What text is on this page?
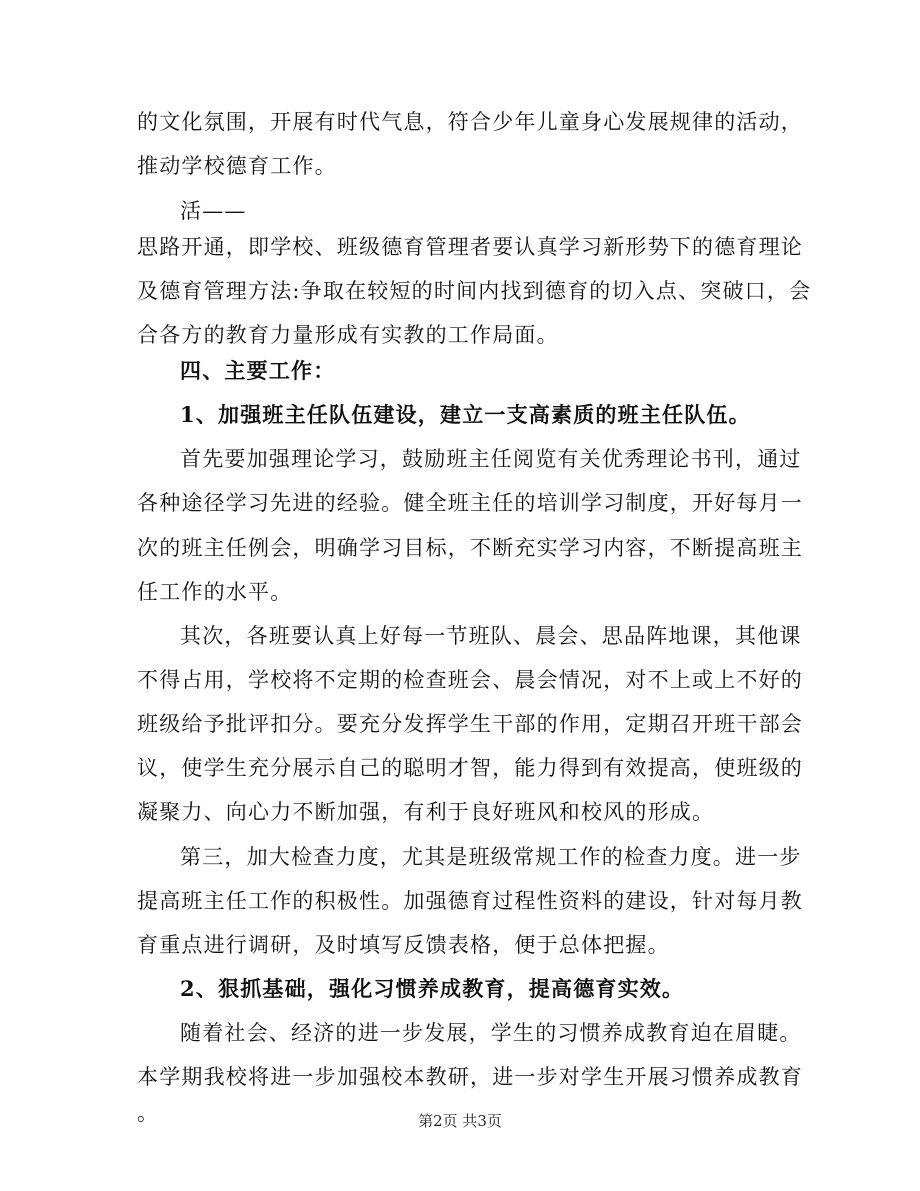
的文化氛围，开展有时代气息，符合少年儿童身心发展规律的活动，
推动学校德育工作。
活——
思路开通，即学校、班级德育管理者要认真学习新形势下的德育理论
及德育管理方法:争取在较短的时间内找到德育的切入点、突破口，会
合各方的教育力量形成有实教的工作局面。
四、主要工作：
1、加强班主任队伍建设，建立一支高素质的班主任队伍。
首先要加强理论学习，鼓励班主任阅览有关优秀理论书刊，通过
各种途径学习先进的经验。健全班主任的培训学习制度，开好每月一
次的班主任例会，明确学习目标，不断充实学习内容，不断提高班主
任工作的水平。
其次，各班要认真上好每一节班队、晨会、思品阵地课，其他课
不得占用，学校将不定期的检查班会、晨会情况，对不上或上不好的
班级给予批评扣分。要充分发挥学生干部的作用，定期召开班干部会
议，使学生充分展示自己的聪明才智，能力得到有效提高，使班级的
凝聚力、向心力不断加强，有利于良好班风和校风的形成。
第三，加大检查力度，尤其是班级常规工作的检查力度。进一步
提高班主任工作的积极性。加强德育过程性资料的建设，针对每月教
育重点进行调研，及时填写反馈表格，便于总体把握。
2、狠抓基础，强化习惯养成教育，提高德育实效。
随着社会、经济的进一步发展，学生的习惯养成教育迫在眉睫。
本学期我校将进一步加强校本教研，进一步对学生开展习惯养成教育
。	第2页 共3页
